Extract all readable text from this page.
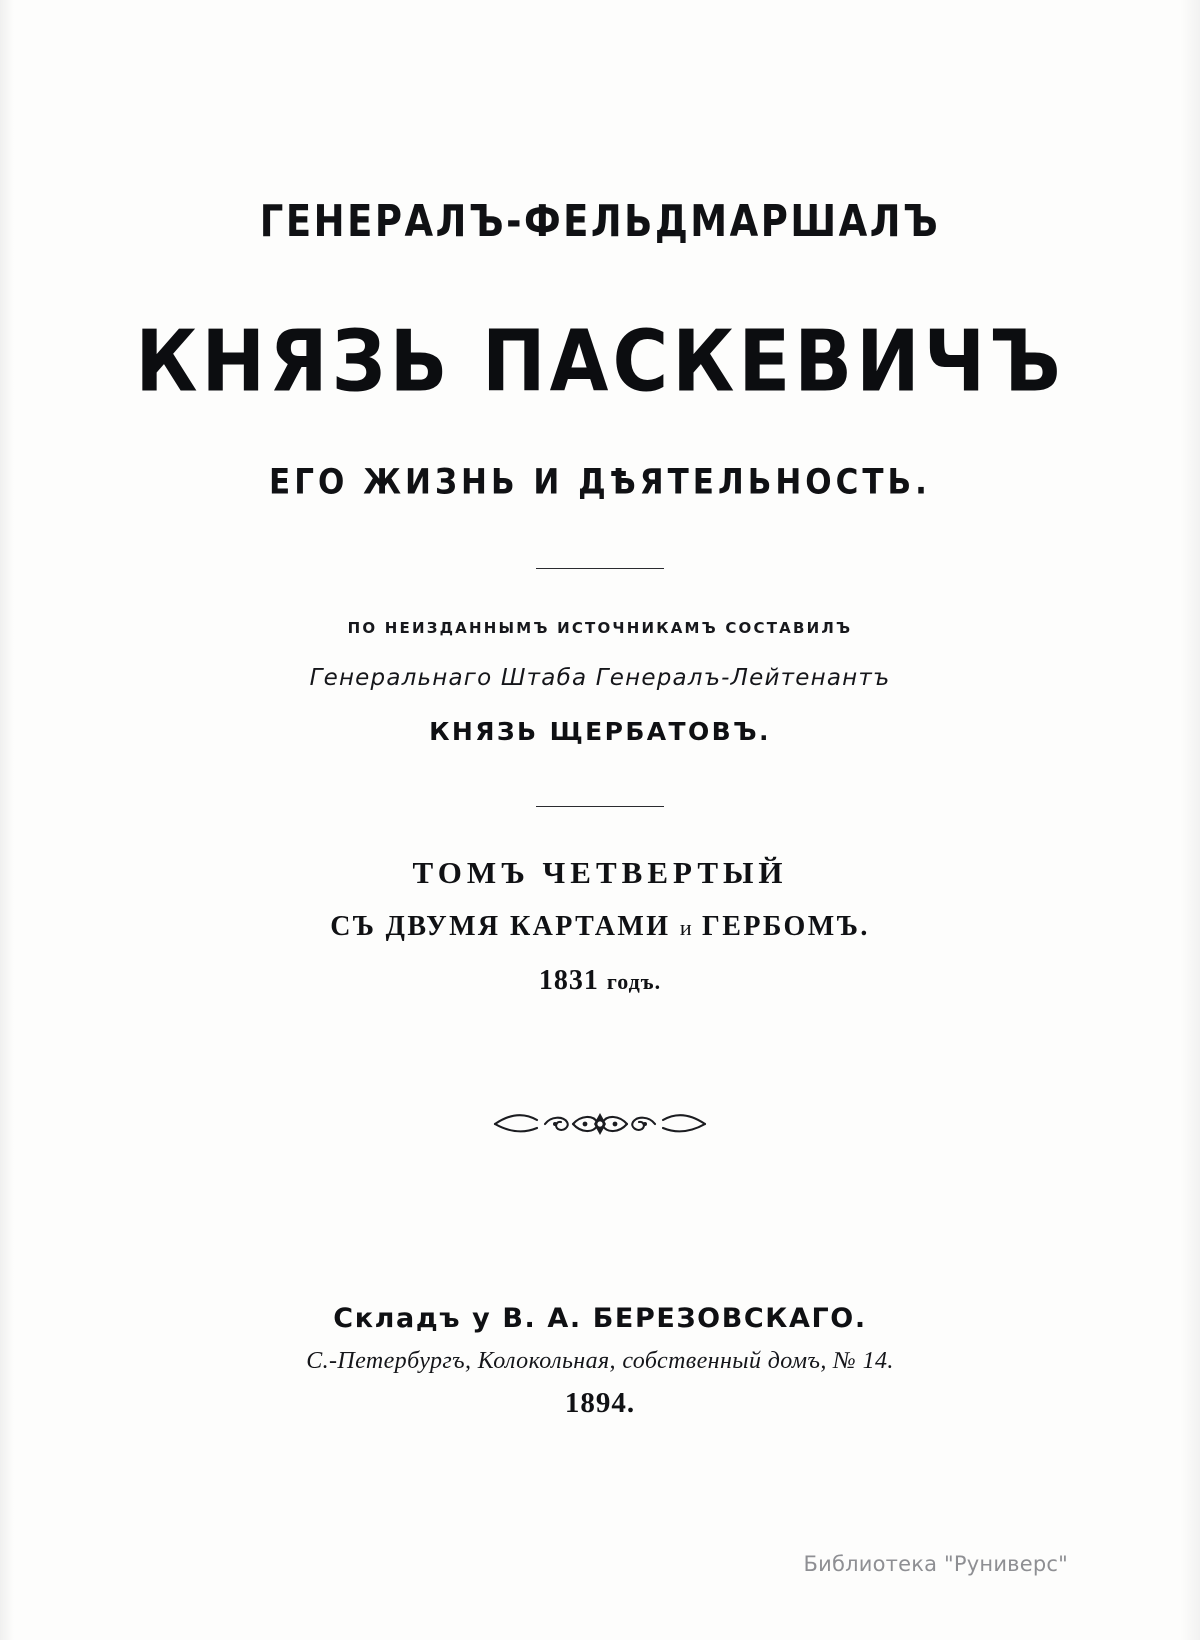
ГЕНЕРАЛЪ-ФЕЛЬДМАРШАЛЪ
КНЯЗЬ ПАСКЕВИЧЪ
ЕГО ЖИЗНЬ И ДѢЯТЕЛЬНОСТЬ.
ПО НЕИЗДАННЫМЪ ИСТОЧНИКАМЪ СОСТАВИЛЪ
Генеральнаго Штаба Генералъ-Лейтенантъ
КНЯЗЬ ЩЕРБАТОВЪ.
ТОМЪ ЧЕТВЕРТЫЙ
СЪ ДВУМЯ КАРТАМИ и ГЕРБОМЪ.
1831 годъ.
Складъ у В. А. БЕРЕЗОВСКАГО.
С.-Петербургъ, Колокольная, собственный домъ, № 14.
1894.
Библиотека "Руниверс"
